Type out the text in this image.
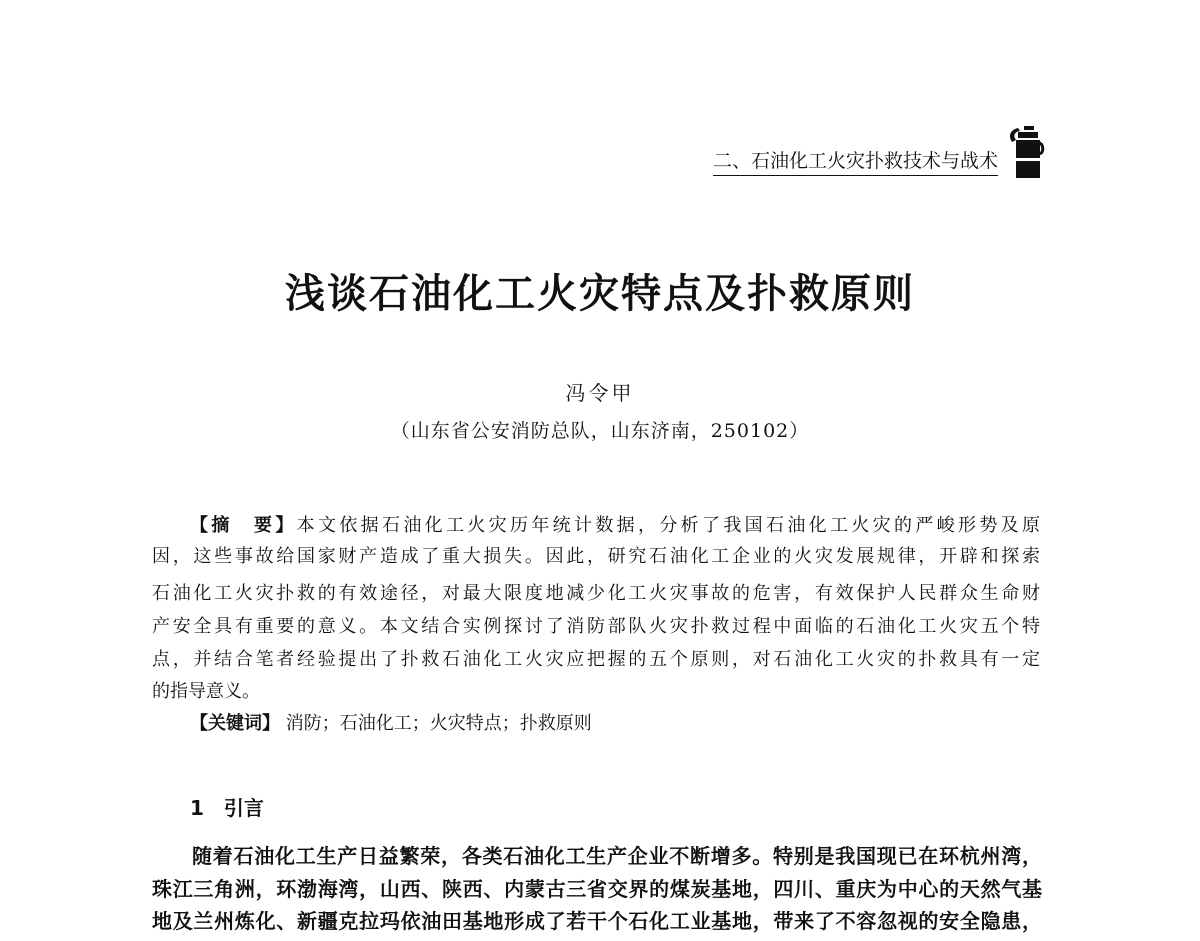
二、石油化工火灾扑救技术与战术
浅谈石油化工火灾特点及扑救原则
冯令甲
（山东省公安消防总队，山东济南，250102）
【摘　要】本文依据石油化工火灾历年统计数据，分析了我国石油化工火灾的严峻形势及原
因，这些事故给国家财产造成了重大损失。因此，研究石油化工企业的火灾发展规律，开辟和探索
石油化工火灾扑救的有效途径，对最大限度地减少化工火灾事故的危害，有效保护人民群众生命财
产安全具有重要的意义。本文结合实例探讨了消防部队火灾扑救过程中面临的石油化工火灾五个特
点，并结合笔者经验提出了扑救石油化工火灾应把握的五个原则，对石油化工火灾的扑救具有一定
的指导意义。
【关键词】 消防；石油化工；火灾特点；扑救原则
1 引言
随着石油化工生产日益繁荣，各类石油化工生产企业不断增多。特别是我国现已在环杭州湾，
珠江三角洲，环渤海湾，山西、陕西、内蒙古三省交界的煤炭基地，四川、重庆为中心的天然气基
地及兰州炼化、新疆克拉玛依油田基地形成了若干个石化工业基地，带来了不容忽视的安全隐患，
